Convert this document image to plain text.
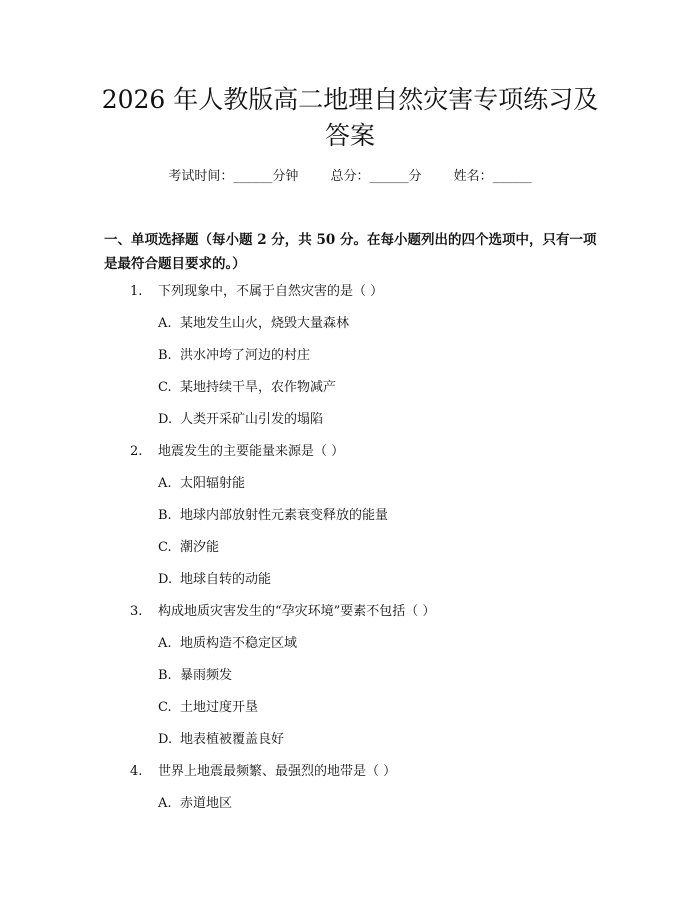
2026 年人教版高二地理自然灾害专项练习及
答案
考试时间：______分钟 总分：______分 姓名：______

一、单项选择题（每小题 2 分，共 50 分。在每小题列出的四个选项中，只有一项

是最符合题目要求的。）

1. 下列现象中，不属于自然灾害的是（ ）
A. 某地发生山火，烧毁大量森林
B. 洪水冲垮了河边的村庄
C. 某地持续干旱，农作物减产
D. 人类开采矿山引发的塌陷
2. 地震发生的主要能量来源是（ ）
A. 太阳辐射能
B. 地球内部放射性元素衰变释放的能量
C. 潮汐能
D. 地球自转的动能
3. 构成地质灾害发生的“孕灾环境”要素不包括（ ）
A. 地质构造不稳定区域
B. 暴雨频发
C. 土地过度开垦
D. 地表植被覆盖良好
4. 世界上地震最频繁、最强烈的地带是（ ）
A. 赤道地区
